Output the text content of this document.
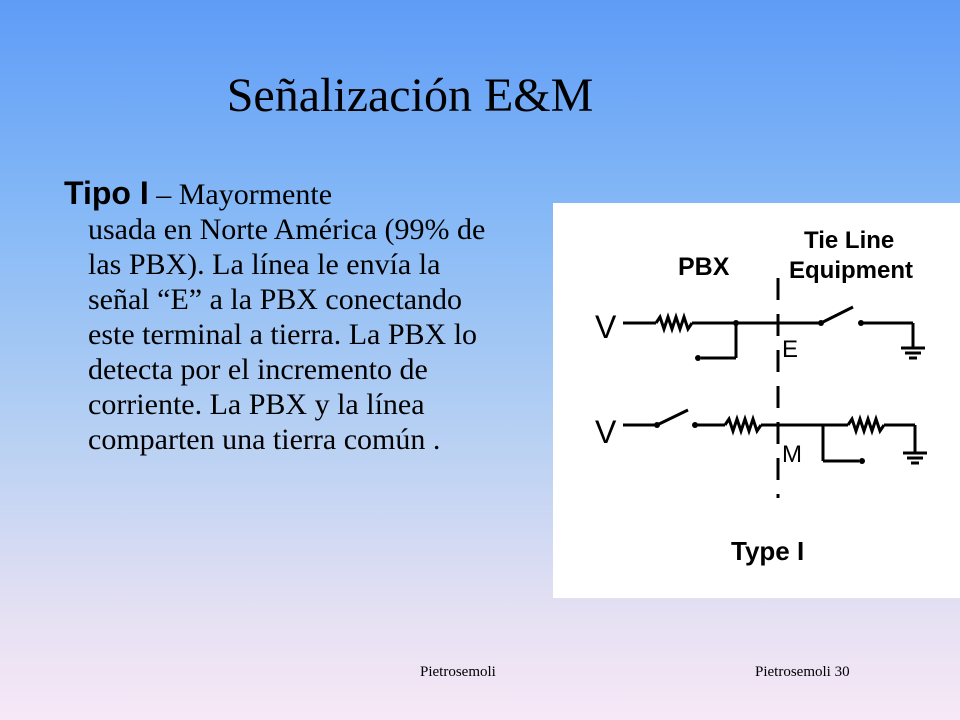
Señalización E&M
Tipo I – Mayormente
usada en Norte América (99% de las PBX). La línea le envía la señal “E” a la PBX conectando este terminal a tierra. La PBX lo detecta por el incremento de corriente. La PBX y la línea comparten una tierra común .
PBX
Tie Line
Equipment
V
V
E
M
Type I
Pietrosemoli	Pietrosemoli 30
